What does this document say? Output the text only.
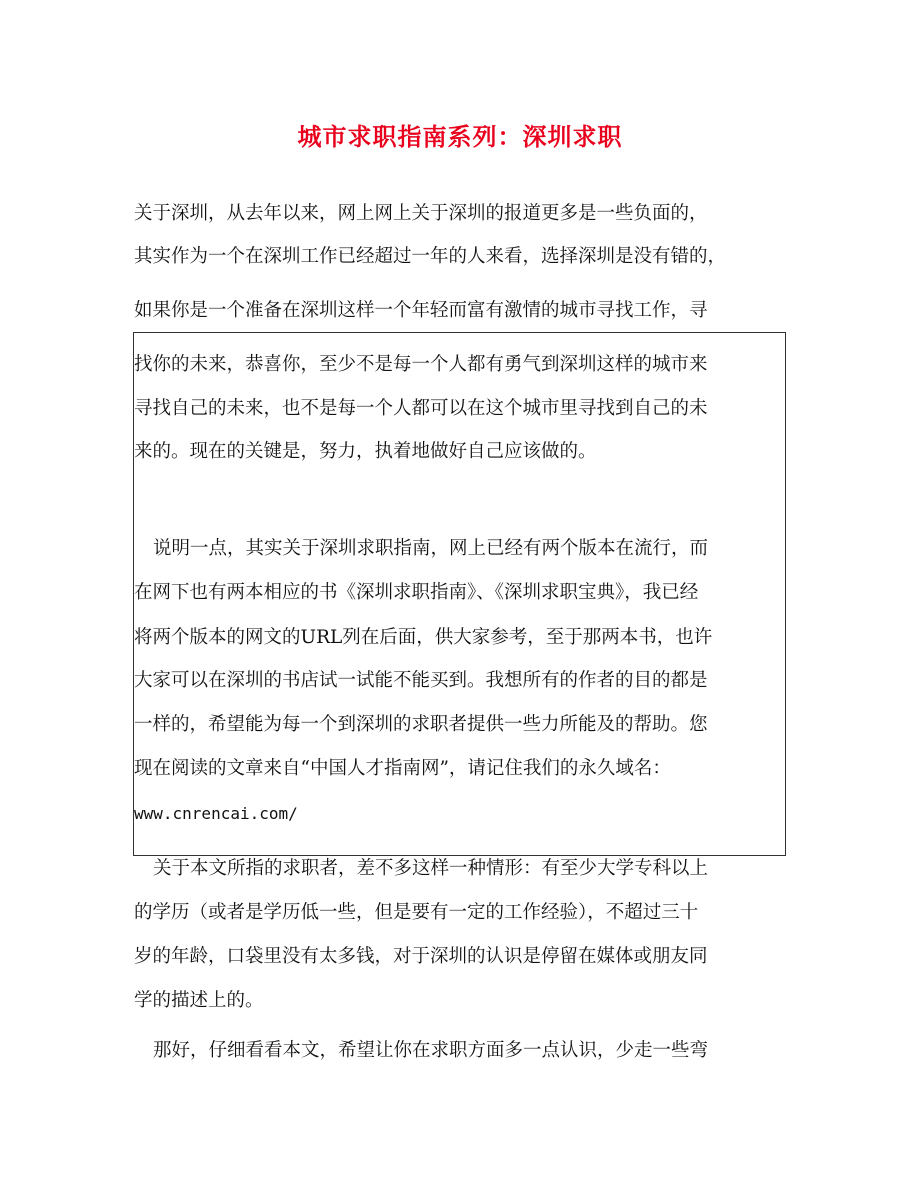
城市求职指南系列：深圳求职
关于深圳，从去年以来，网上网上关于深圳的报道更多是一些负面的，
其实作为一个在深圳工作已经超过一年的人来看，选择深圳是没有错的，
如果你是一个准备在深圳这样一个年轻而富有激情的城市寻找工作，寻
找你的未来，恭喜你，至少不是每一个人都有勇气到深圳这样的城市来
寻找自己的未来，也不是每一个人都可以在这个城市里寻找到自己的未
来的。现在的关键是，努力，执着地做好自己应该做的。
说明一点，其实关于深圳求职指南，网上已经有两个版本在流行，而
在网下也有两本相应的书《深圳求职指南》、《深圳求职宝典》，我已经
将两个版本的网文的URL列在后面，供大家参考，至于那两本书，也许
大家可以在深圳的书店试一试能不能买到。我想所有的作者的目的都是
一样的，希望能为每一个到深圳的求职者提供一些力所能及的帮助。您
现在阅读的文章来自“中国人才指南网”，请记住我们的永久域名：
www.cnrencai.com/
关于本文所指的求职者，差不多这样一种情形：有至少大学专科以上
的学历（或者是学历低一些，但是要有一定的工作经验），不超过三十
岁的年龄，口袋里没有太多钱，对于深圳的认识是停留在媒体或朋友同
学的描述上的。
那好，仔细看看本文，希望让你在求职方面多一点认识，少走一些弯
